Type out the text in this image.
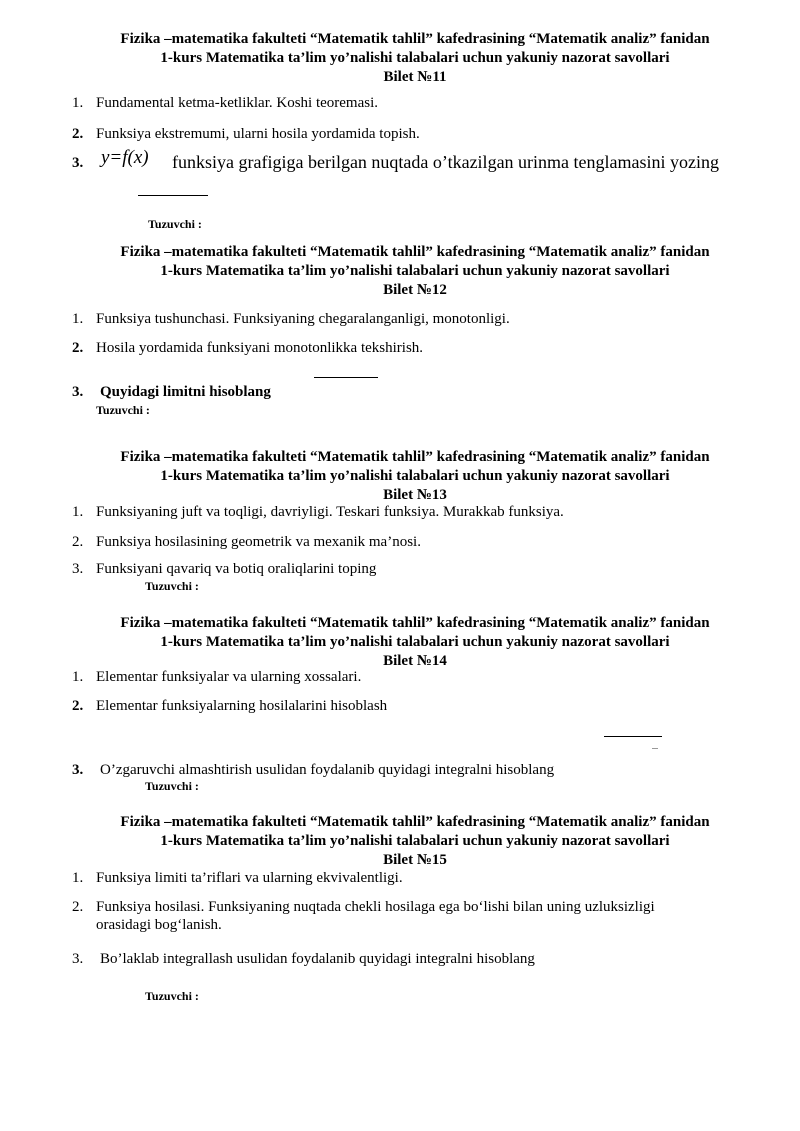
Fizika –matematika fakulteti “Matematik tahlil” kafedrasining “Matematik analiz” fanidan
1-kurs Matematika ta’lim yo’nalishi talabalari uchun yakuniy nazorat savollari
Bilet №11
1. Fundamental ketma-ketliklar. Koshi teoremasi.
2. Funksiya ekstremumi, ularni hosila yordamida topish.
3. y=f(x) funksiya grafigiga berilgan nuqtada o’tkazilgan urinma tenglamasini yozing
Tuzuvchi :
Fizika –matematika fakulteti “Matematik tahlil” kafedrasining “Matematik analiz” fanidan
1-kurs Matematika ta’lim yo’nalishi talabalari uchun yakuniy nazorat savollari
Bilet №12
1. Funksiya tushunchasi. Funksiyaning chegaralanganligi, monotonligi.
2. Hosila yordamida funksiyani monotonlikka tekshirish.
3. Quyidagi limitni hisoblang
Tuzuvchi :
Fizika –matematika fakulteti “Matematik tahlil” kafedrasining “Matematik analiz” fanidan
1-kurs Matematika ta’lim yo’nalishi talabalari uchun yakuniy nazorat savollari
Bilet №13
1. Funksiyaning juft va toqligi, davriyligi. Teskari funksiya. Murakkab funksiya.
2. Funksiya hosilasining geometrik va mexanik ma’nosi.
3. Funksiyani qavariq va botiq oraliqlarini toping
Tuzuvchi :
Fizika –matematika fakulteti “Matematik tahlil” kafedrasining “Matematik analiz” fanidan
1-kurs Matematika ta’lim yo’nalishi talabalari uchun yakuniy nazorat savollari
Bilet №14
1. Elementar funksiyalar va ularning xossalari.
2. Elementar funksiyalarning hosilalarini hisoblash
3. O’zgaruvchi almashtirish usulidan foydalanib quyidagi integralni hisoblang
Tuzuvchi :
Fizika –matematika fakulteti “Matematik tahlil” kafedrasining “Matematik analiz” fanidan
1-kurs Matematika ta’lim yo’nalishi talabalari uchun yakuniy nazorat savollari
Bilet №15
1. Funksiya limiti ta’riflari va ularning ekvivalentligi.
2. Funksiya hosilasi. Funksiyaning nuqtada chekli hosilaga ega bo‘lishi bilan uning uzluksizligi
orasidagi bog‘lanish.
3. Bo’laklab integrallash usulidan foydalanib quyidagi integralni hisoblang
Tuzuvchi :
